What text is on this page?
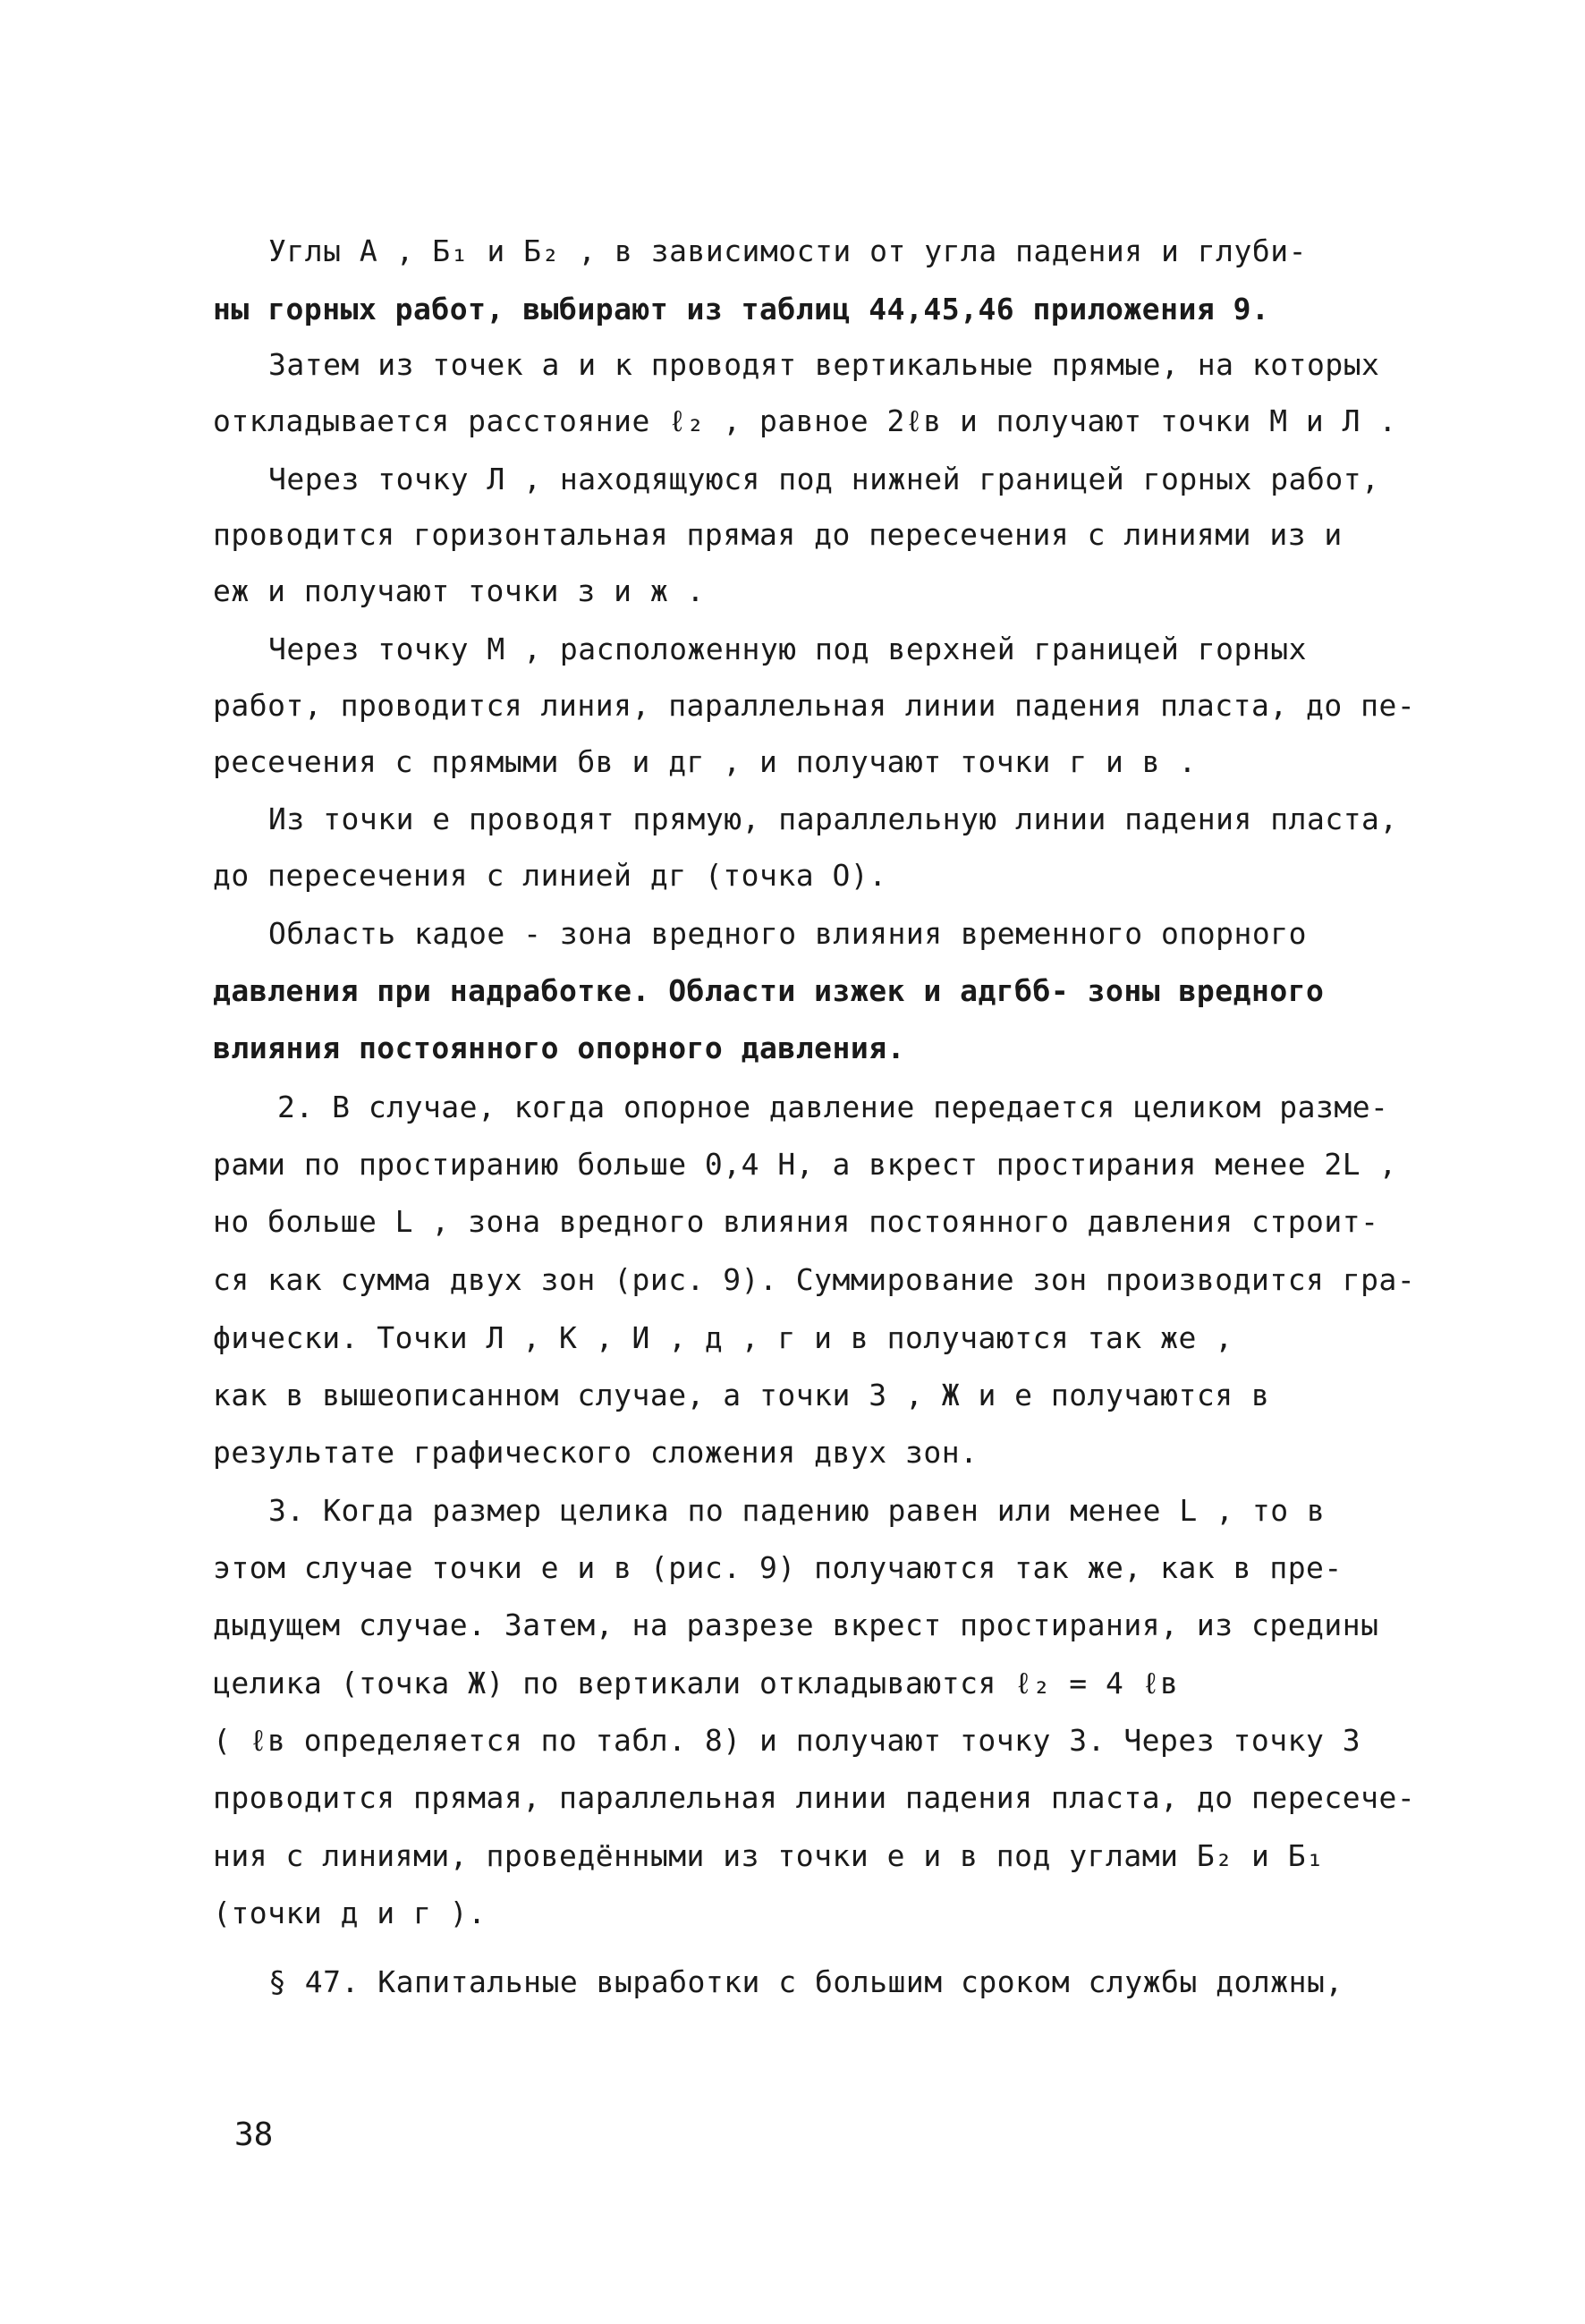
Углы A , Б₁ и Б₂ , в зависимости от угла падения и глуби-
ны горных работ, выбирают из таблиц 44,45,46 приложения 9.
Затем из точек a и к проводят вертикальные прямые, на которых
откладывается расстояние ℓ₂ , равное 2ℓв и получают точки М и Л .
Через точку Л , находящуюся под нижней границей горных работ,
проводится горизонтальная прямая до пересечения с линиями из и
еж и получают точки з и ж .
Через точку М , расположенную под верхней границей горных
работ, проводится линия, параллельная линии падения пласта, до пе-
ресечения с прямыми бв и дг , и получают точки г и в .
Из точки е проводят прямую, параллельную линии падения пласта,
до пересечения с линией дг (точка О).
Область кадое - зона вредного влияния временного опорного
давления при надработке. Области изжек и адгбб- зоны вредного
влияния постоянного опорного давления.
2. В случае, когда опорное давление передается целиком разме-
рами по простиранию больше 0,4 Н, а вкрест простирания менее 2L ,
но больше L , зона вредного влияния постоянного давления строит-
ся как сумма двух зон (рис. 9). Суммирование зон производится гра-
фически. Точки Л , К , И , д , г и в получаются так же ,
как в вышеописанном случае, а точки З , Ж и е получаются в
результате графического сложения двух зон.
3. Когда размер целика по падению равен или менее L , то в
этом случае точки е и в (рис. 9) получаются так же, как в пре-
дыдущем случае. Затем, на разрезе вкрест простирания, из средины
целика (точка Ж) по вертикали откладываются ℓ₂ = 4 ℓв
( ℓв определяется по табл. 8) и получают точку З. Через точку З
проводится прямая, параллельная линии падения пласта, до пересече-
ния с линиями, проведёнными из точки е и в под углами Б₂ и Б₁
(точки д и г ).
§ 47. Капитальные выработки с большим сроком службы должны,
38
